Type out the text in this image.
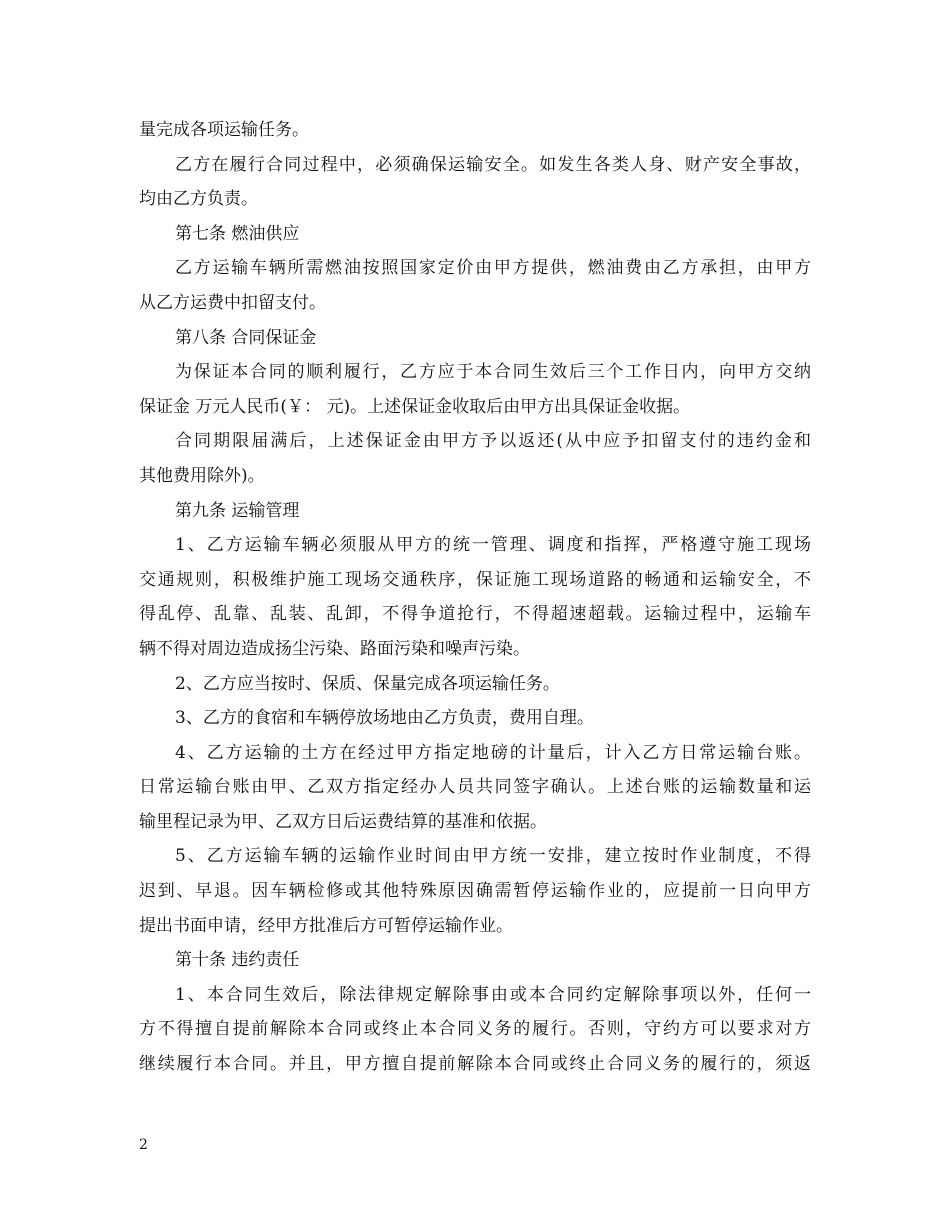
量完成各项运输任务。
乙方在履行合同过程中，必须确保运输安全。如发生各类人身、财产安全事故，
均由乙方负责。
第七条 燃油供应
乙方运输车辆所需燃油按照国家定价由甲方提供，燃油费由乙方承担，由甲方
从乙方运费中扣留支付。
第八条 合同保证金
为保证本合同的顺利履行，乙方应于本合同生效后三个工作日内，向甲方交纳
保证金 万元人民币(￥： 元)。上述保证金收取后由甲方出具保证金收据。
合同期限届满后，上述保证金由甲方予以返还(从中应予扣留支付的违约金和
其他费用除外)。
第九条 运输管理
1、乙方运输车辆必须服从甲方的统一管理、调度和指挥，严格遵守施工现场
交通规则，积极维护施工现场交通秩序，保证施工现场道路的畅通和运输安全，不
得乱停、乱靠、乱装、乱卸，不得争道抢行，不得超速超载。运输过程中，运输车
辆不得对周边造成扬尘污染、路面污染和噪声污染。
2、乙方应当按时、保质、保量完成各项运输任务。
3、乙方的食宿和车辆停放场地由乙方负责，费用自理。
4、乙方运输的土方在经过甲方指定地磅的计量后，计入乙方日常运输台账。
日常运输台账由甲、乙双方指定经办人员共同签字确认。上述台账的运输数量和运
输里程记录为甲、乙双方日后运费结算的基准和依据。
5、乙方运输车辆的运输作业时间由甲方统一安排，建立按时作业制度，不得
迟到、早退。因车辆检修或其他特殊原因确需暂停运输作业的，应提前一日向甲方
提出书面申请，经甲方批准后方可暂停运输作业。
第十条 违约责任
1、本合同生效后，除法律规定解除事由或本合同约定解除事项以外，任何一
方不得擅自提前解除本合同或终止本合同义务的履行。否则，守约方可以要求对方
继续履行本合同。并且，甲方擅自提前解除本合同或终止合同义务的履行的，须返
2
